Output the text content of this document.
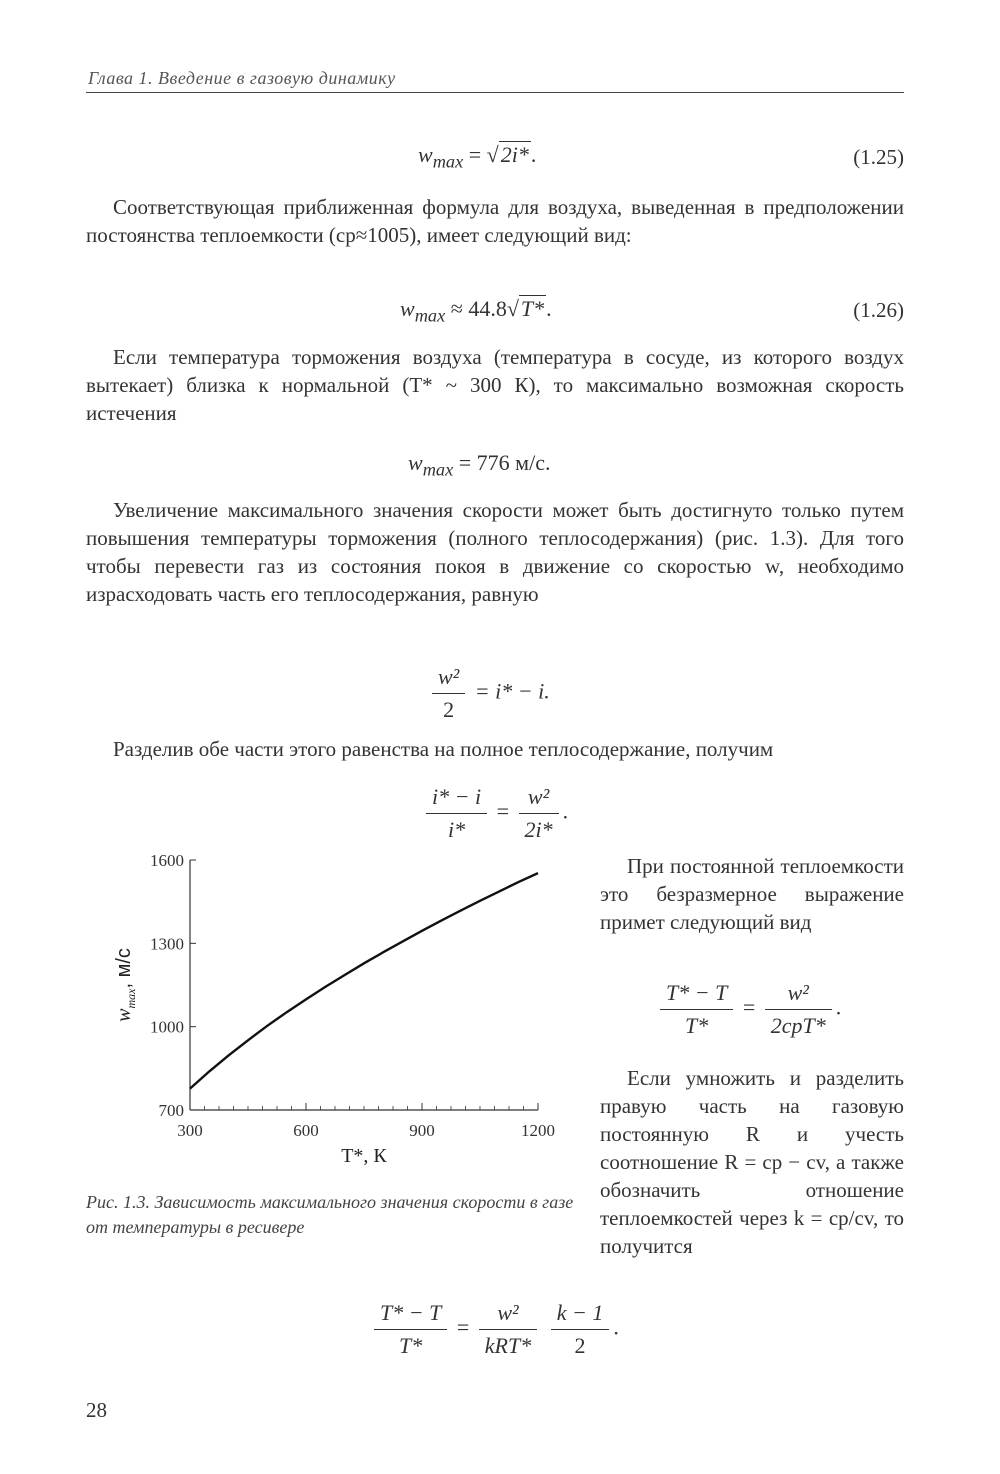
Глава 1. Введение в газовую динамику
$w_{max} = √2i*$.	(1.25)
Соответствующая приближенная формула для воздуха, выведенная в предположении постоянства теплоемкости (cp≈1005), имеет следующий вид:
$w_{max} \approx 44.8√T*$.	(1.26)
Если температура торможения воздуха (температура в сосуде, из которого воздух вытекает) близка к нормальной (T* ~ 300 К), то максимально возможная скорость истечения
$w_{max} = 776$ м/с.
Увеличение максимального значения скорости может быть достигнуто только путем повышения температуры торможения (полного теплосодержания) (рис. 1.3). Для того чтобы перевести газ из состояния покоя в движение со скоростью w, необходимо израсходовать часть его теплосодержания, равную
$\frac{\text{w²}}{2} = i* - i$.
Разделив обе части этого равенства на полное теплосодержание, получим
$\frac{i* - i}{i*} = \frac{\text{w²}}{2i*}$ .
700
1000
1300
1600
300	600	900	1200
T*, К
$w_{max}$, м/с
Рис. 1.3. Зависимость максимального значения скорости в газе от температуры в ресивере
При постоянной теплоемкости это безразмерное выражение примет следующий вид
$\frac{T* - T}{T*} = \frac{\text{w²}}{\text{2cpT*}}$ .
Если умножить и разделить правую часть на газовую постоянную R и учесть соотношение R = cp − cv, а также обозначить отношение теплоемкостей через k = cp/cv, то получится
$\frac{T* - T}{T*} = \frac{\text{w²}}{\text{kRT*}}$
$\frac{k - 1}{2}$ .
28
